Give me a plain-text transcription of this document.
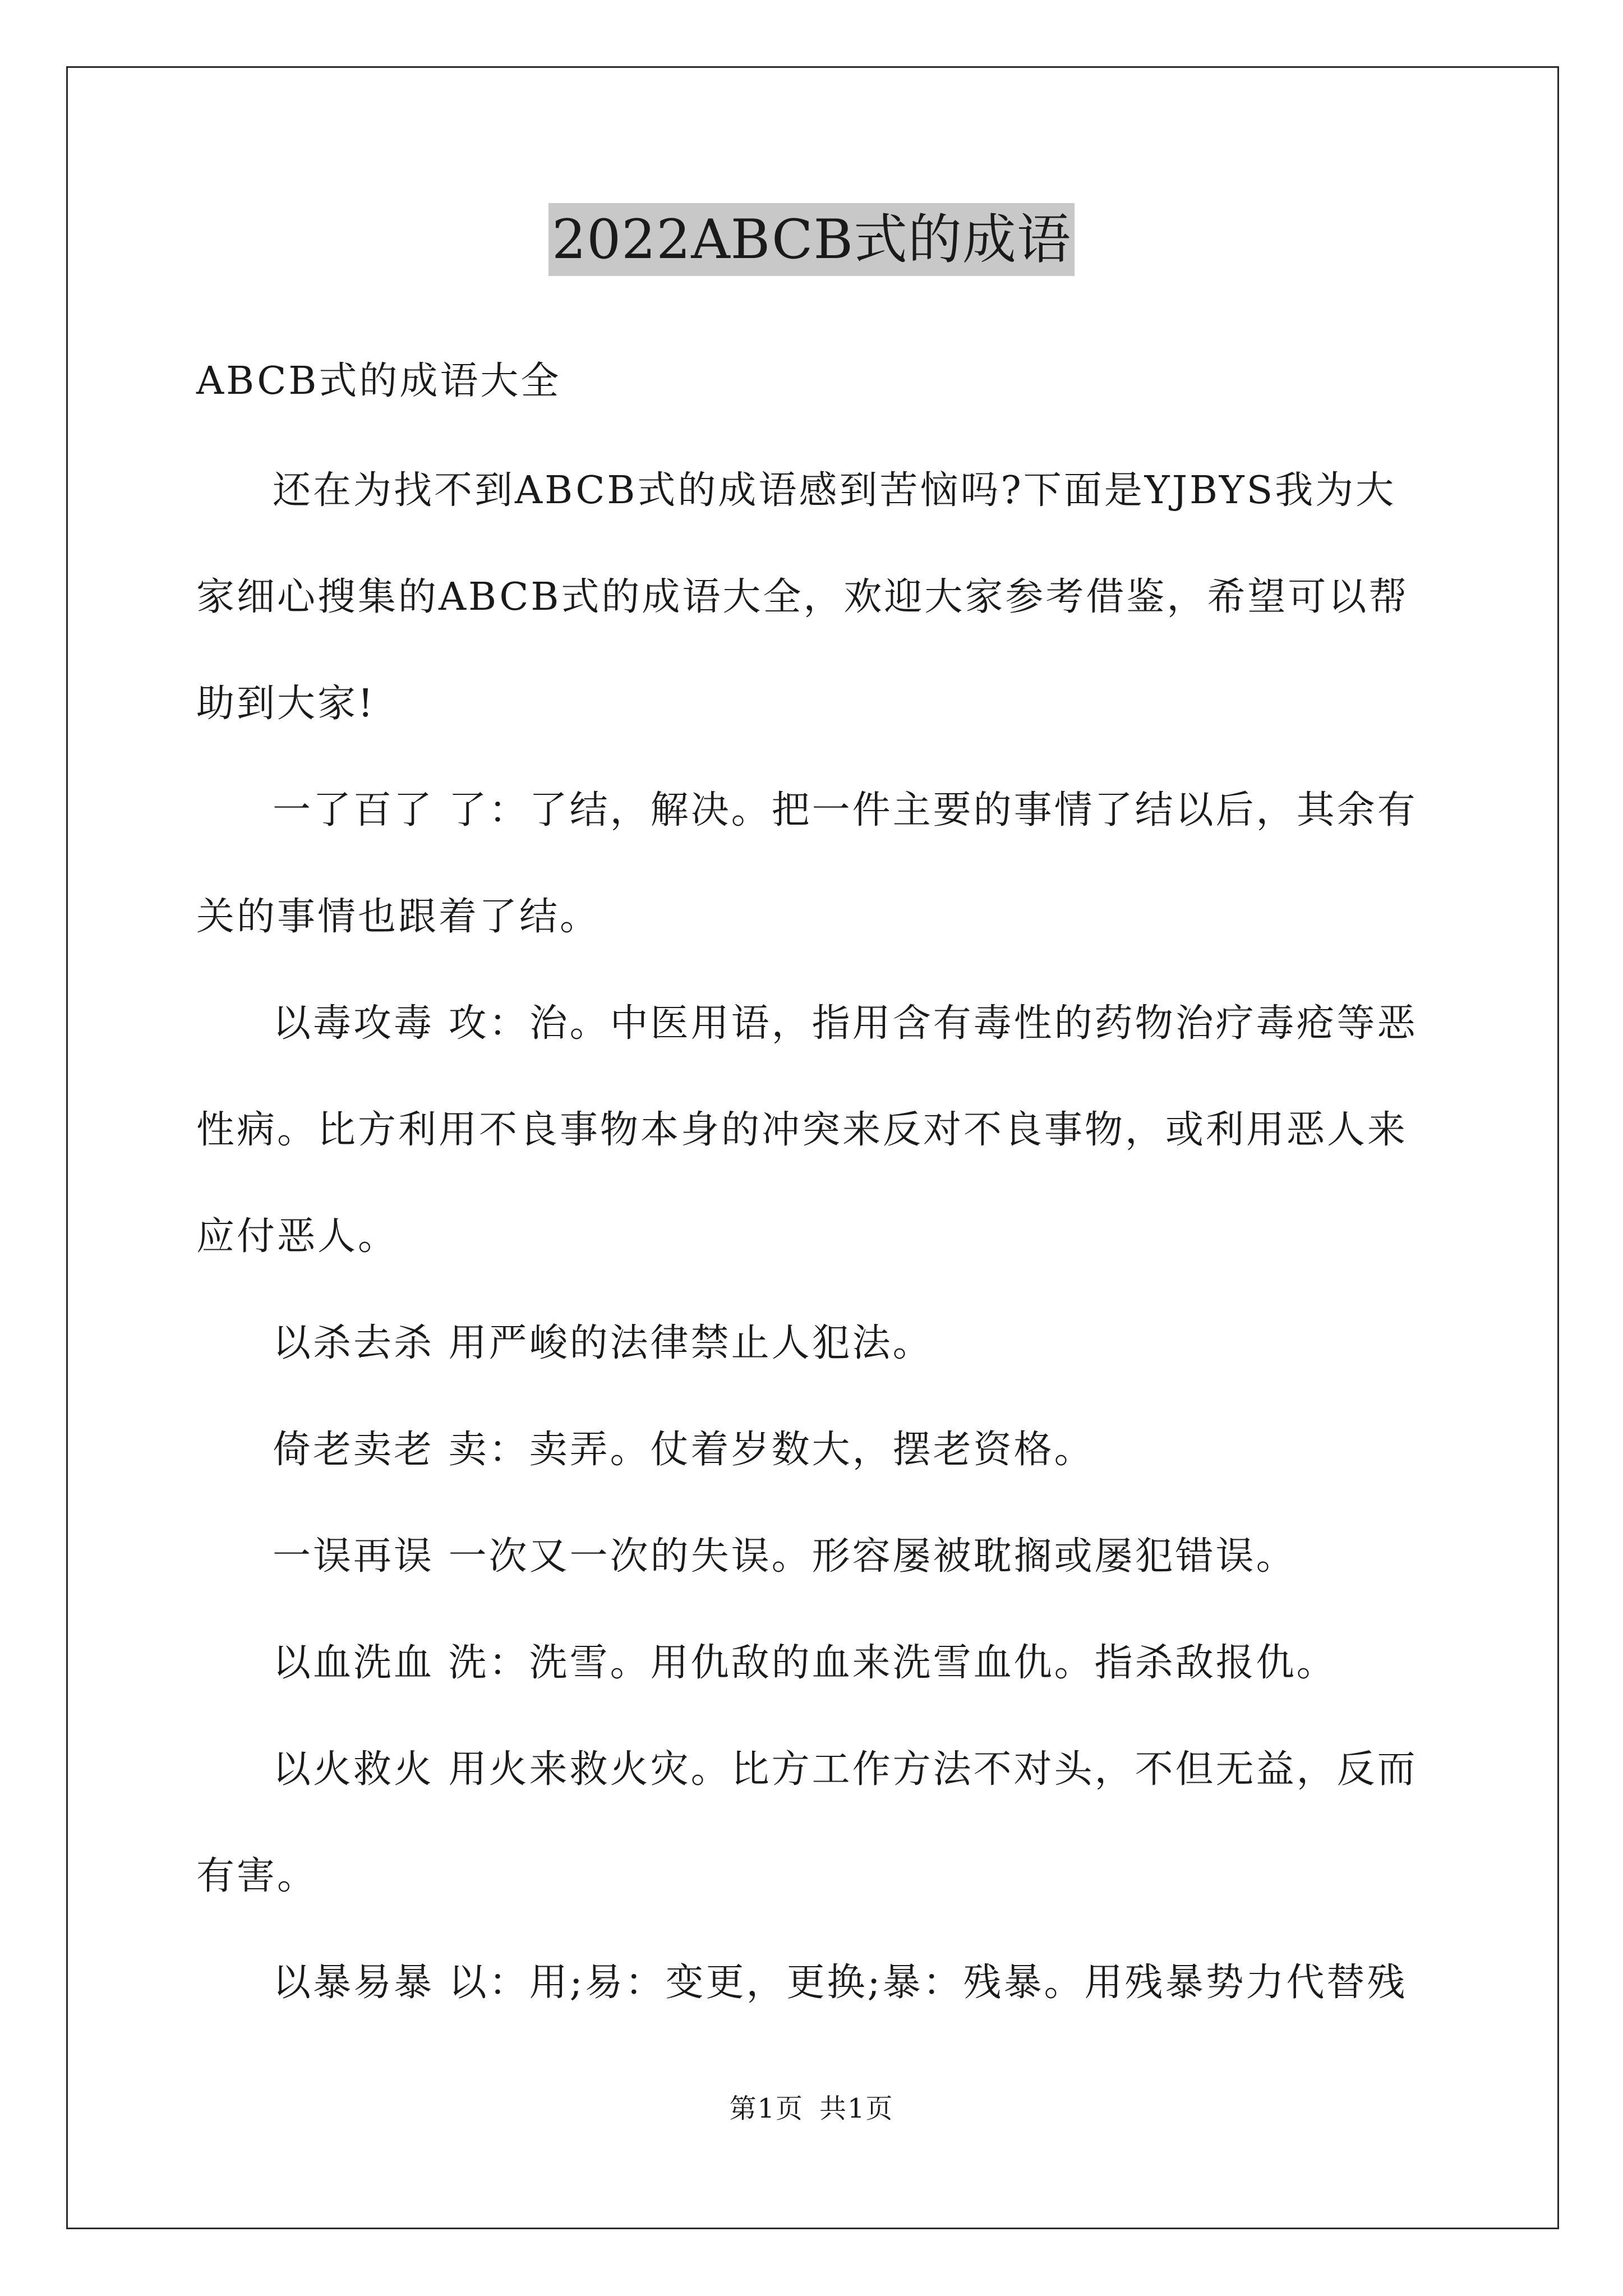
2022ABCB式的成语
ABCB式的成语大全

还在为找不到ABCB式的成语感到苦恼吗?下面是YJBYS我为大家细心搜集的ABCB式的成语大全，欢迎大家参考借鉴，希望可以帮助到大家!

一了百了 了：了结，解决。把一件主要的事情了结以后，其余有关的事情也跟着了结。

以毒攻毒 攻：治。中医用语，指用含有毒性的药物治疗毒疮等恶性病。比方利用不良事物本身的冲突来反对不良事物，或利用恶人来应付恶人。

以杀去杀 用严峻的法律禁止人犯法。

倚老卖老 卖：卖弄。仗着岁数大，摆老资格。

一误再误 一次又一次的失误。形容屡被耽搁或屡犯错误。

以血洗血 洗：洗雪。用仇敌的血来洗雪血仇。指杀敌报仇。

以火救火 用火来救火灾。比方工作方法不对头，不但无益，反而有害。

以暴易暴 以：用;易：变更，更换;暴：残暴。用残暴势力代替残

第1页 共1页
